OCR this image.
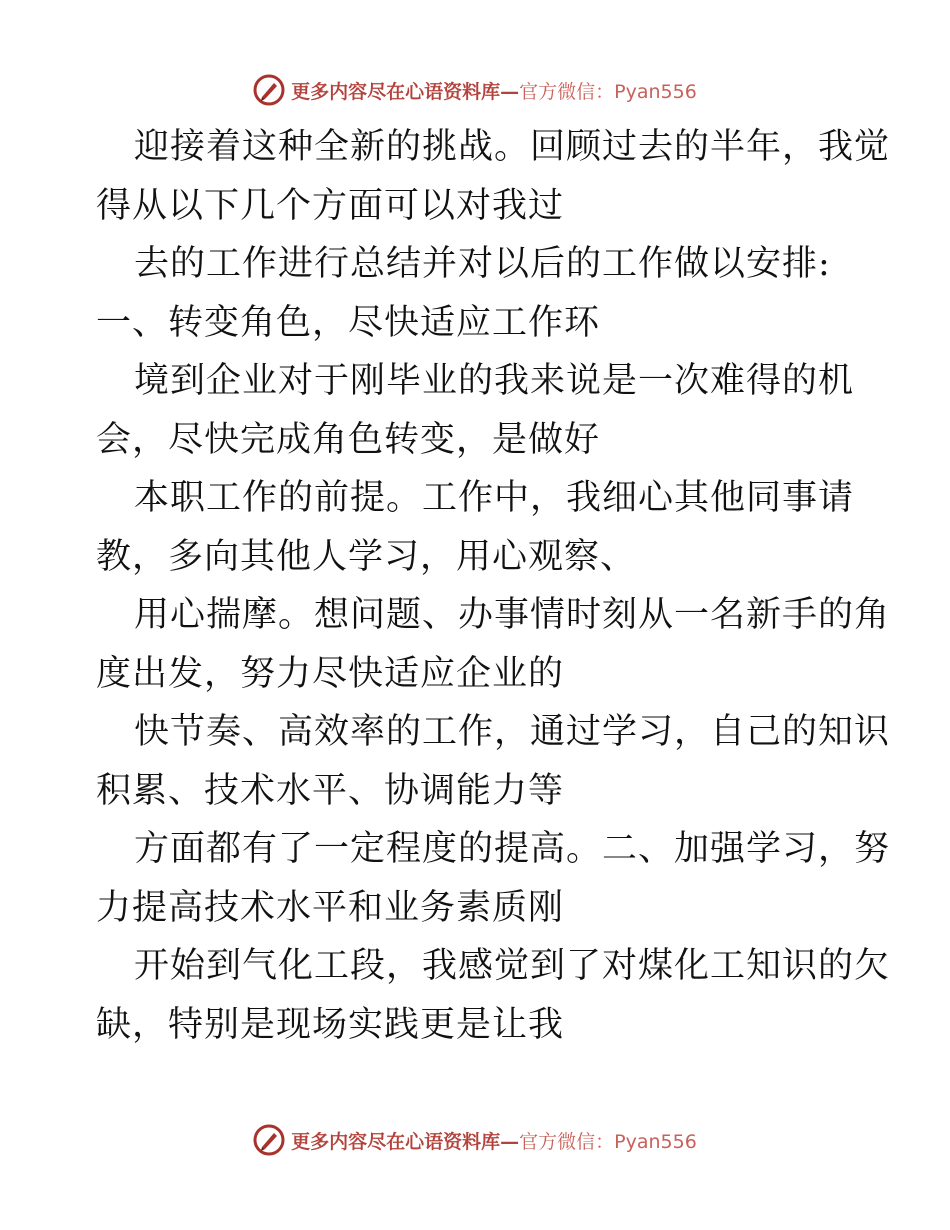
更多内容尽在心语资料库— 官方微信：Pyan556
迎接着这种全新的挑战。回顾过去的半年，我觉
得从以下几个方面可以对我过
去的工作进行总结并对以后的工作做以安排:
一、转变角色，尽快适应工作环
境到企业对于刚毕业的我来说是一次难得的机
会，尽快完成角色转变，是做好
本职工作的前提。工作中，我细心其他同事请
教，多向其他人学习，用心观察、
用心揣摩。想问题、办事情时刻从一名新手的角
度出发，努力尽快适应企业的
快节奏、高效率的工作，通过学习，自己的知识
积累、技术水平、协调能力等
方面都有了一定程度的提高。二、加强学习，努
力提高技术水平和业务素质刚
开始到气化工段，我感觉到了对煤化工知识的欠
缺，特别是现场实践更是让我
更多内容尽在心语资料库— 官方微信：Pyan556
